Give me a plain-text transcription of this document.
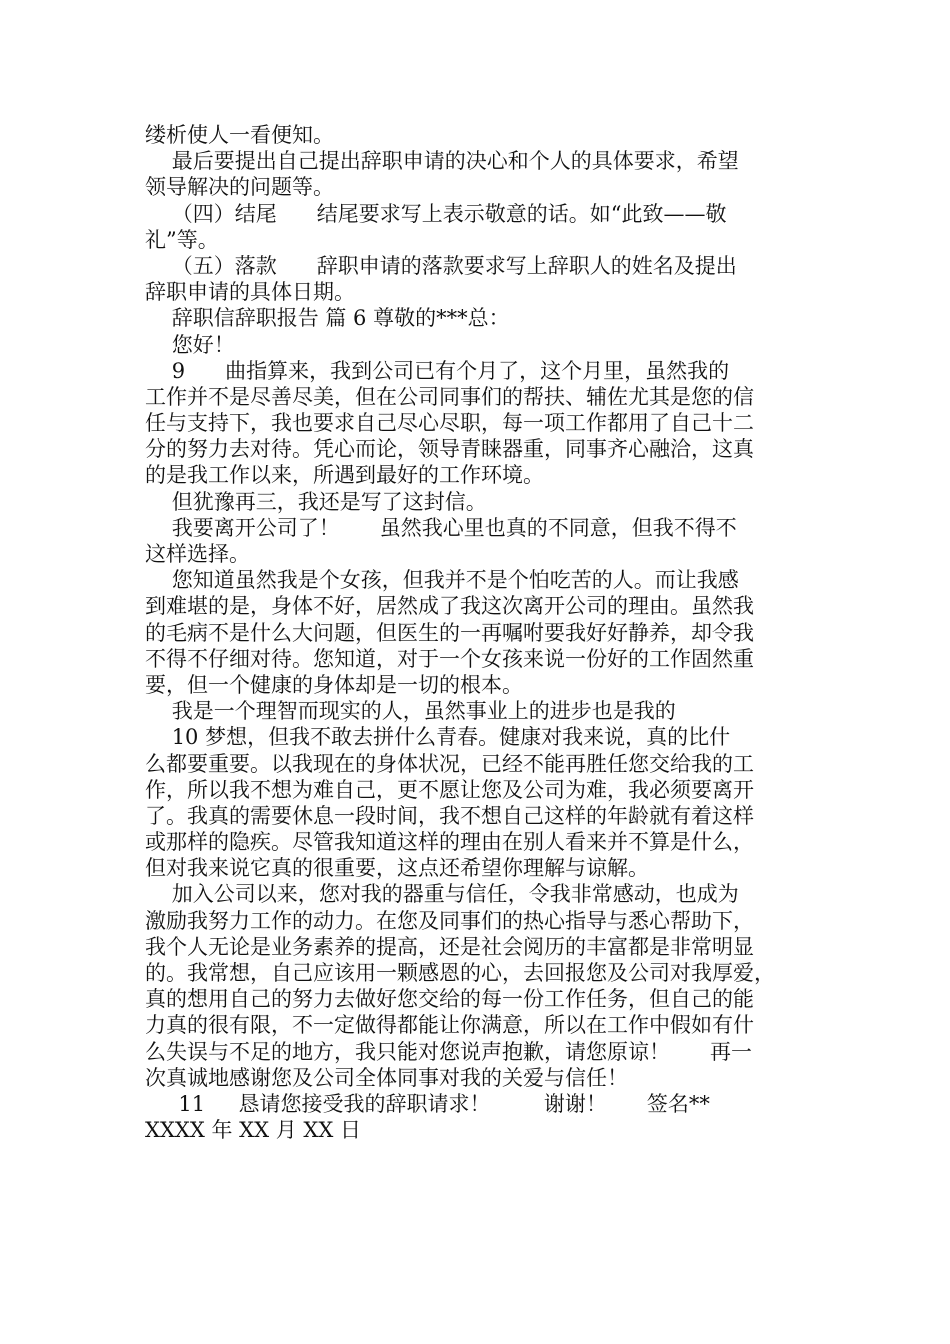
缕析使人一看便知。
最后要提出自己提出辞职申请的决心和个人的具体要求，希望
领导解决的问题等。
（四）结尾      结尾要求写上表示敬意的话。如“此致——敬
礼”等。
（五）落款      辞职申请的落款要求写上辞职人的姓名及提出
辞职申请的具体日期。
辞职信辞职报告 篇 6 尊敬的***总：
您好！
9      曲指算来，我到公司已有个月了，这个月里，虽然我的
工作并不是尽善尽美，但在公司同事们的帮扶、辅佐尤其是您的信
任与支持下，我也要求自己尽心尽职，每一项工作都用了自己十二
分的努力去对待。凭心而论，领导青睐器重，同事齐心融洽，这真
的是我工作以来，所遇到最好的工作环境。
但犹豫再三，我还是写了这封信。
我要离开公司了！      虽然我心里也真的不同意，但我不得不
这样选择。
您知道虽然我是个女孩，但我并不是个怕吃苦的人。而让我感
到难堪的是，身体不好，居然成了我这次离开公司的理由。虽然我
的毛病不是什么大问题，但医生的一再嘱咐要我好好静养，却令我
不得不仔细对待。您知道，对于一个女孩来说一份好的工作固然重
要，但一个健康的身体却是一切的根本。
我是一个理智而现实的人，虽然事业上的进步也是我的
10 梦想，但我不敢去拼什么青春。健康对我来说，真的比什
么都要重要。以我现在的身体状况，已经不能再胜任您交给我的工
作，所以我不想为难自己，更不愿让您及公司为难，我必须要离开
了。我真的需要休息一段时间，我不想自己这样的年龄就有着这样
或那样的隐疾。尽管我知道这样的理由在别人看来并不算是什么，
但对我来说它真的很重要，这点还希望你理解与谅解。
加入公司以来，您对我的器重与信任，令我非常感动，也成为
激励我努力工作的动力。在您及同事们的热心指导与悉心帮助下，
我个人无论是业务素养的提高，还是社会阅历的丰富都是非常明显
的。我常想，自己应该用一颗感恩的心，去回报您及公司对我厚爱，
真的想用自己的努力去做好您交给的每一份工作任务，但自己的能
力真的很有限，不一定做得都能让你满意，所以在工作中假如有什
么失误与不足的地方，我只能对您说声抱歉，请您原谅！      再一
次真诚地感谢您及公司全体同事对我的关爱与信任！
11     恳请您接受我的辞职请求！        谢谢！      签名**
XXXX 年 XX 月 XX 日
